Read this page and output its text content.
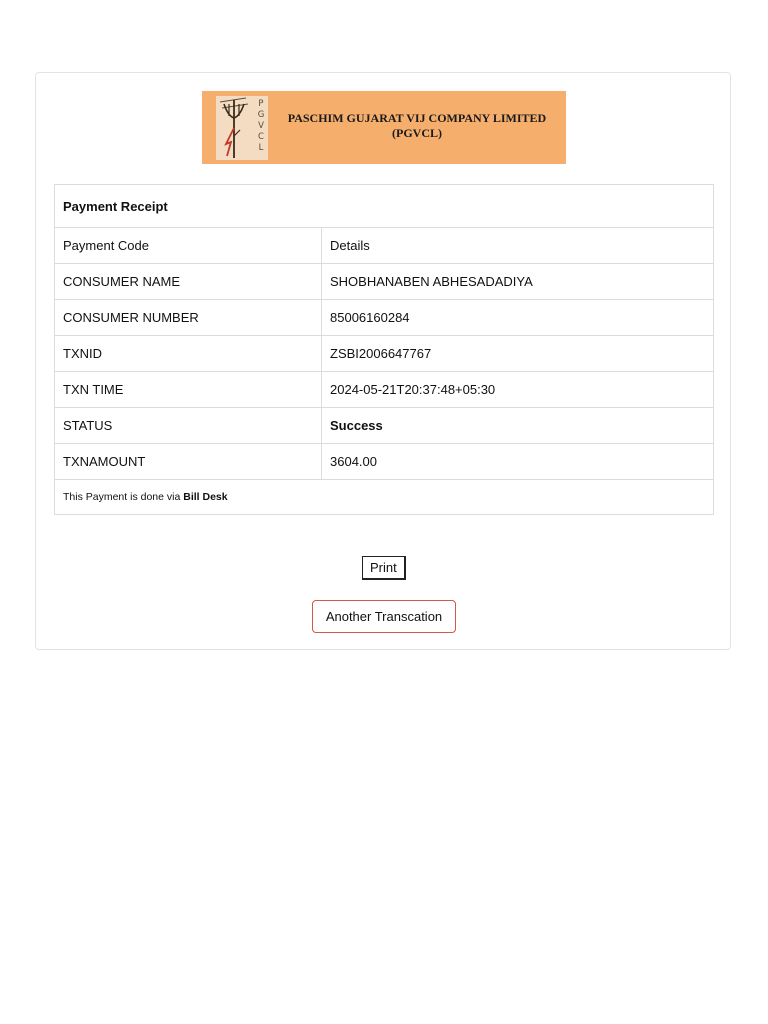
P
G
V
C
L
PASCHIM GUJARAT VIJ COMPANY LIMITED
(PGVCL)
Payment Receipt	
Payment Code	Details
CONSUMER NAME	SHOBHANABEN ABHESADADIYA
CONSUMER NUMBER	85006160284
TXNID	ZSBI2006647767
TXN TIME	2024-05-21T20:37:48+05:30
STATUS	Success
TXNAMOUNT	3604.00
This Payment is done via Bill Desk	
Print
Another Transcation
